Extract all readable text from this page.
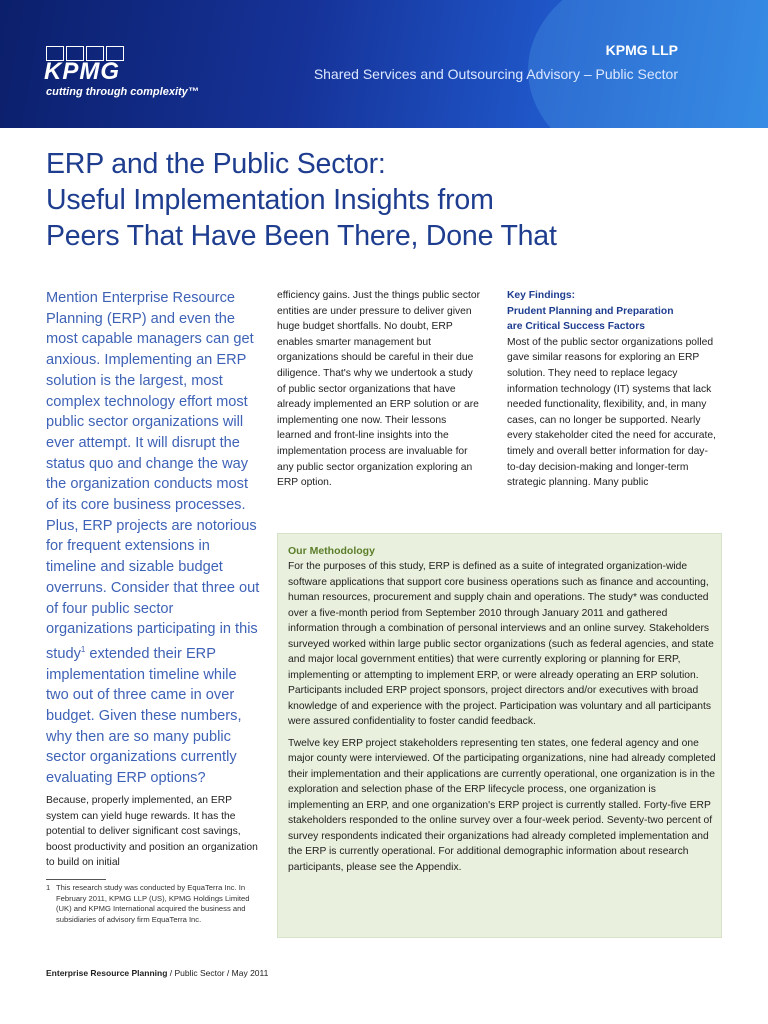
KPMG
cutting through complexity™
KPMG LLP
Shared Services and Outsourcing Advisory – Public Sector
ERP and the Public Sector:
Useful Implementation Insights from
Peers That Have Been There, Done That

Mention Enterprise Resource Planning (ERP) and even the most capable managers can get anxious. Implementing an ERP solution is the largest, most complex technology effort most public sector organizations will ever attempt. It will disrupt the status quo and change the way the organization conducts most of its core business processes. Plus, ERP projects are notorious for frequent extensions in timeline and sizable budget overruns. Consider that three out of four public sector organizations participating in this study$^1$ extended their ERP implementation timeline while two out of three came in over budget. Given these numbers, why then are so many public sector organizations currently evaluating ERP options?

Because, properly implemented, an ERP system can yield huge rewards. It has the potential to deliver significant cost savings, boost productivity and position an organization to build on initial

1 This research study was conducted by EquaTerra Inc. In February 2011, KPMG LLP (US), KPMG Holdings Limited (UK) and KPMG International acquired the business and subsidiaries of advisory firm EquaTerra Inc.

efficiency gains. Just the things public sector entities are under pressure to deliver given huge budget shortfalls. No doubt, ERP enables smarter management but organizations should be careful in their due diligence. That's why we undertook a study of public sector organizations that have already implemented an ERP solution or are implementing one now. Their lessons learned and front-line insights into the implementation process are invaluable for any public sector organization exploring an ERP option.

Key Findings:
Prudent Planning and Preparation
are Critical Success Factors

Most of the public sector organizations polled gave similar reasons for exploring an ERP solution. They need to replace legacy information technology (IT) systems that lack needed functionality, flexibility, and, in many cases, can no longer be supported. Nearly every stakeholder cited the need for accurate, timely and overall better information for day-to-day decision-making and longer-term strategic planning. Many public

Our Methodology

For the purposes of this study, ERP is defined as a suite of integrated organization-wide software applications that support core business operations such as finance and accounting, human resources, procurement and supply chain and operations. The study* was conducted over a five-month period from September 2010 through January 2011 and gathered information through a combination of personal interviews and an online survey. Stakeholders surveyed worked within large public sector organizations (such as federal agencies, and state and major local government entities) that were currently exploring or planning for ERP, implementing or attempting to implement ERP, or were already operating an ERP solution. Participants included ERP project sponsors, project directors and/or executives with broad knowledge of and experience with the project. Participation was voluntary and all participants were assured confidentiality to foster candid feedback.

Twelve key ERP project stakeholders representing ten states, one federal agency and one major county were interviewed. Of the participating organizations, nine had already completed their implementation and their applications are currently operational, one organization is in the exploration and selection phase of the ERP lifecycle process, one organization is implementing an ERP, and one organization's ERP project is currently stalled. Forty-five ERP stakeholders responded to the online survey over a four-week period. Seventy-two percent of survey respondents indicated their organizations had already completed implementation and the ERP is currently operational. For additional demographic information about research participants, please see the Appendix.

Enterprise Resource Planning / Public Sector / May 2011
